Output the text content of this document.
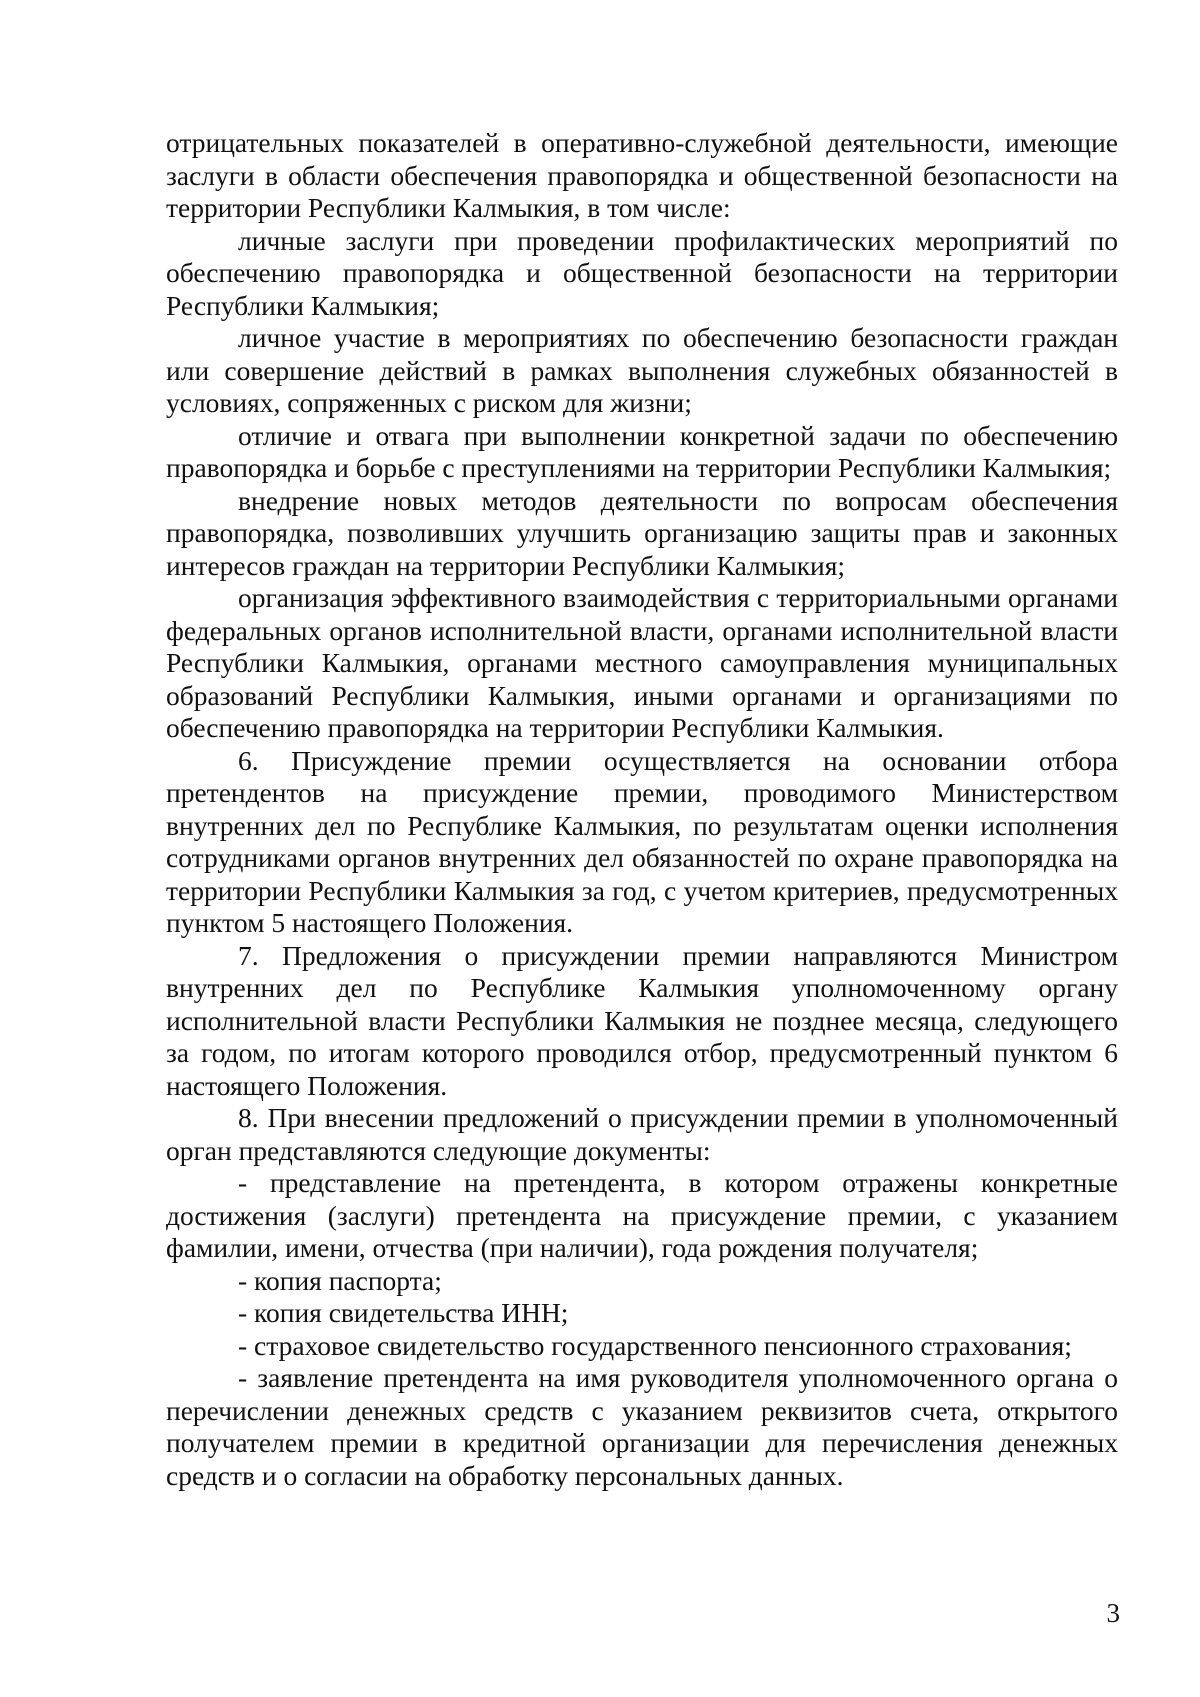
отрицательных показателей в оперативно-служебной деятельности, имеющие заслуги в области обеспечения правопорядка и общественной безопасности на территории Республики Калмыкия, в том числе:

личные заслуги при проведении профилактических мероприятий по обеспечению правопорядка и общественной безопасности на территории Республики Калмыкия;

личное участие в мероприятиях по обеспечению безопасности граждан или совершение действий в рамках выполнения служебных обязанностей в условиях, сопряженных с риском для жизни;

отличие и отвага при выполнении конкретной задачи по обеспечению правопорядка и борьбе с преступлениями на территории Республики Калмыкия;

внедрение новых методов деятельности по вопросам обеспечения правопорядка, позволивших улучшить организацию защиты прав и законных интересов граждан на территории Республики Калмыкия;

организация эффективного взаимодействия с территориальными органами федеральных органов исполнительной власти, органами исполнительной власти Республики Калмыкия, органами местного самоуправления муниципальных образований Республики Калмыкия, иными органами и организациями по обеспечению правопорядка на территории Республики Калмыкия.

6. Присуждение премии осуществляется на основании отбора претендентов на присуждение премии, проводимого Министерством внутренних дел по Республике Калмыкия, по результатам оценки исполнения сотрудниками органов внутренних дел обязанностей по охране правопорядка на территории Республики Калмыкия за год, с учетом критериев, предусмотренных пунктом 5 настоящего Положения.

7. Предложения о присуждении премии направляются Министром внутренних дел по Республике Калмыкия уполномоченному органу исполнительной власти Республики Калмыкия не позднее месяца, следующего за годом, по итогам которого проводился отбор, предусмотренный пунктом 6 настоящего Положения.

8. При внесении предложений о присуждении премии в уполномоченный орган представляются следующие документы:

- представление на претендента, в котором отражены конкретные достижения (заслуги) претендента на присуждение премии, с указанием фамилии, имени, отчества (при наличии), года рождения получателя;

- копия паспорта;

- копия свидетельства ИНН;

- страховое свидетельство государственного пенсионного страхования;

- заявление претендента на имя руководителя уполномоченного органа о перечислении денежных средств с указанием реквизитов счета, открытого получателем премии в кредитной организации для перечисления денежных средств и о согласии на обработку персональных данных.

3
